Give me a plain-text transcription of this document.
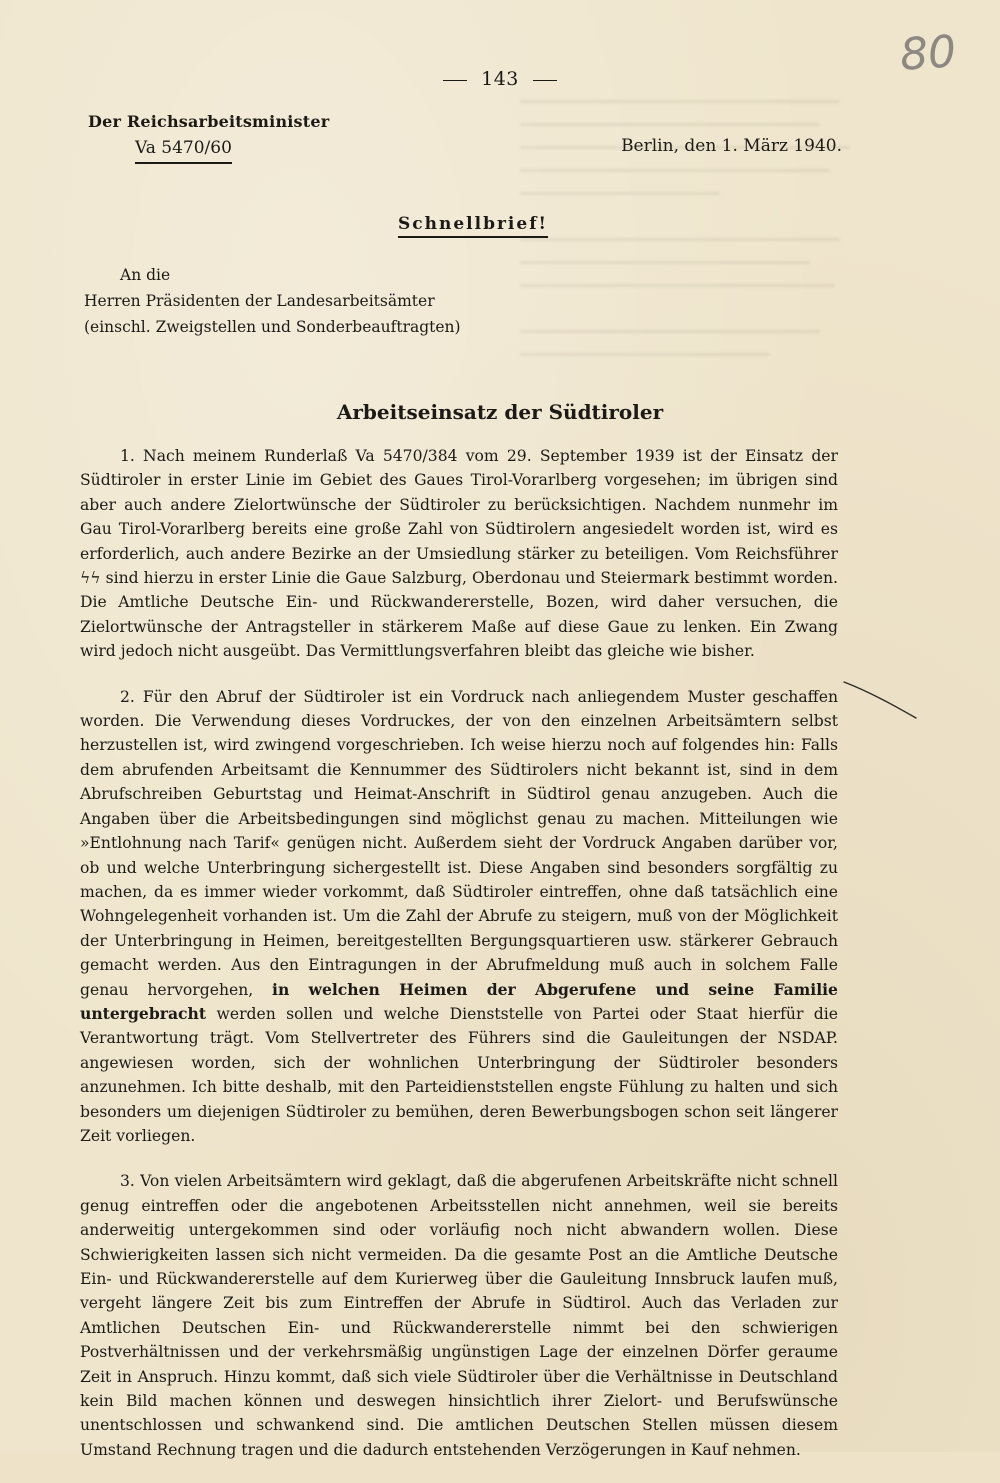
143	80
Der Reichsarbeitsminister
Va 5470/60	Berlin, den 1. März 1940.
Schnellbrief!
An die
Herren Präsidenten der Landesarbeitsämter
(einschl. Zweigstellen und Sonderbeauftragten)
Arbeitseinsatz der Südtiroler

1. Nach meinem Runderlaß Va 5470/384 vom 29. September 1939 ist der Einsatz der Südtiroler in erster Linie im Gebiet des Gaues Tirol-Vorarlberg vorgesehen; im übrigen sind aber auch andere Zielortwünsche der Südtiroler zu berücksichtigen. Nachdem nunmehr im Gau Tirol-Vorarlberg bereits eine große Zahl von Südtirolern angesiedelt worden ist, wird es erforderlich, auch andere Bezirke an der Umsiedlung stärker zu beteiligen. Vom Reichsführer ϟϟ sind hierzu in erster Linie die Gaue Salzburg, Oberdonau und Steiermark bestimmt worden. Die Amtliche Deutsche Ein- und Rückwandererstelle, Bozen, wird daher versuchen, die Zielortwünsche der Antragsteller in stärkerem Maße auf diese Gaue zu lenken. Ein Zwang wird jedoch nicht ausgeübt. Das Vermittlungsverfahren bleibt das gleiche wie bisher.

2. Für den Abruf der Südtiroler ist ein Vordruck nach anliegendem Muster geschaffen worden. Die Verwendung dieses Vordruckes, der von den einzelnen Arbeitsämtern selbst herzustellen ist, wird zwingend vorgeschrieben. Ich weise hierzu noch auf folgendes hin: Falls dem abrufenden Arbeitsamt die Kennummer des Südtirolers nicht bekannt ist, sind in dem Abrufschreiben Geburtstag und Heimat-Anschrift in Südtirol genau anzugeben. Auch die Angaben über die Arbeitsbedingungen sind möglichst genau zu machen. Mitteilungen wie »Entlohnung nach Tarif« genügen nicht. Außerdem sieht der Vordruck Angaben darüber vor, ob und welche Unterbringung sichergestellt ist. Diese Angaben sind besonders sorgfältig zu machen, da es immer wieder vorkommt, daß Südtiroler eintreffen, ohne daß tatsächlich eine Wohngelegenheit vorhanden ist. Um die Zahl der Abrufe zu steigern, muß von der Möglichkeit der Unterbringung in Heimen, bereitgestellten Bergungsquartieren usw. stärkerer Gebrauch gemacht werden. Aus den Eintragungen in der Abrufmeldung muß auch in solchem Falle genau hervorgehen, in welchen Heimen der Abgerufene und seine Familie untergebracht werden sollen und welche Dienststelle von Partei oder Staat hierfür die Verantwortung trägt. Vom Stellvertreter des Führers sind die Gauleitungen der NSDAP. angewiesen worden, sich der wohnlichen Unterbringung der Südtiroler besonders anzunehmen. Ich bitte deshalb, mit den Parteidienststellen engste Fühlung zu halten und sich besonders um diejenigen Südtiroler zu bemühen, deren Bewerbungsbogen schon seit längerer Zeit vorliegen.

3. Von vielen Arbeitsämtern wird geklagt, daß die abgerufenen Arbeitskräfte nicht schnell genug eintreffen oder die angebotenen Arbeitsstellen nicht annehmen, weil sie bereits anderweitig untergekommen sind oder vorläufig noch nicht abwandern wollen. Diese Schwierigkeiten lassen sich nicht vermeiden. Da die gesamte Post an die Amtliche Deutsche Ein- und Rückwandererstelle auf dem Kurierweg über die Gauleitung Innsbruck laufen muß, vergeht längere Zeit bis zum Eintreffen der Abrufe in Südtirol. Auch das Verladen zur Amtlichen Deutschen Ein- und Rückwandererstelle nimmt bei den schwierigen Postverhältnissen und der verkehrsmäßig ungünstigen Lage der einzelnen Dörfer geraume Zeit in Anspruch. Hinzu kommt, daß sich viele Südtiroler über die Verhältnisse in Deutschland kein Bild machen können und deswegen hinsichtlich ihrer Zielort- und Berufswünsche unentschlossen und schwankend sind. Die amtlichen Deutschen Stellen müssen diesem Umstand Rechnung tragen und die dadurch entstehenden Verzögerungen in Kauf nehmen.
